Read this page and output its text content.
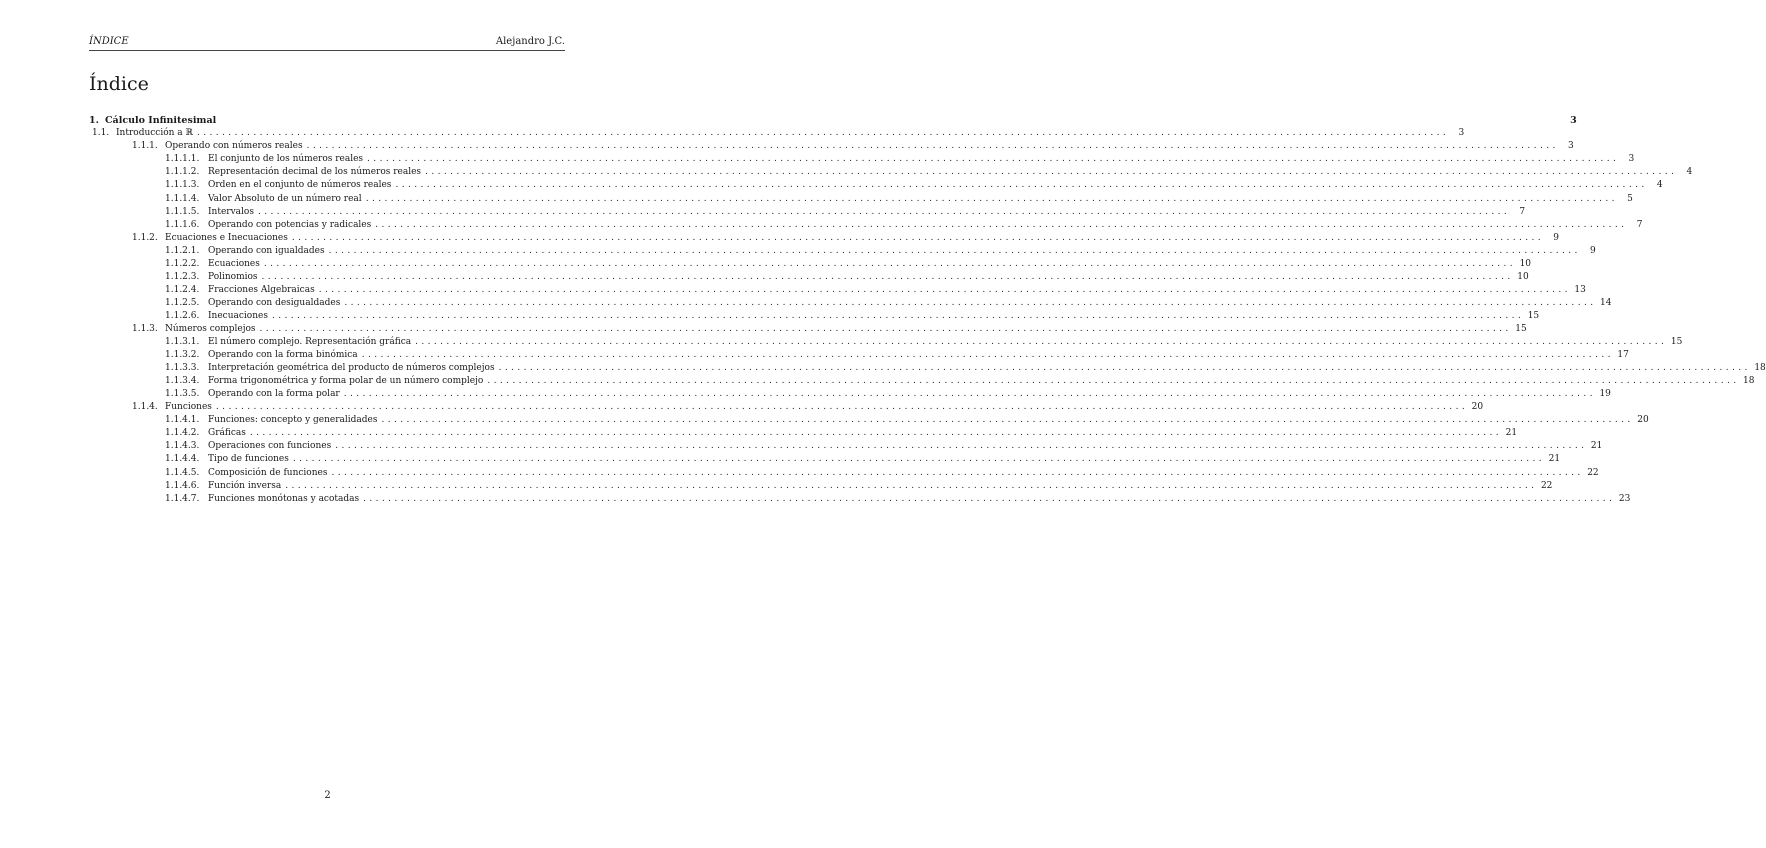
ÍNDICE	Alejandro J.C.
Índice
1. Cálculo Infinitesimal	3
1.1. Introducción a ℝ ........................................................................................................................................................................................................	3
1.1.1. Operando con números reales ........................................................................................................................................................................................................	3
1.1.1.1. El conjunto de los números reales ........................................................................................................................................................................................................	3
1.1.1.2. Representación decimal de los números reales ........................................................................................................................................................................................................	4
1.1.1.3. Orden en el conjunto de números reales ........................................................................................................................................................................................................	4
1.1.1.4. Valor Absoluto de un número real ........................................................................................................................................................................................................	5
1.1.1.5. Intervalos ........................................................................................................................................................................................................	7
1.1.1.6. Operando con potencias y radicales ........................................................................................................................................................................................................	7
1.1.2. Ecuaciones e Inecuaciones ........................................................................................................................................................................................................	9
1.1.2.1. Operando con igualdades ........................................................................................................................................................................................................	9
1.1.2.2. Ecuaciones ........................................................................................................................................................................................................ 10
1.1.2.3. Polinomios ........................................................................................................................................................................................................ 10
1.1.2.4. Fracciones Algebraicas ........................................................................................................................................................................................................ 13
1.1.2.5. Operando con desigualdades ........................................................................................................................................................................................................ 14
1.1.2.6. Inecuaciones ........................................................................................................................................................................................................ 15
1.1.3. Números complejos ........................................................................................................................................................................................................ 15
1.1.3.1. El número complejo. Representación gráfica ........................................................................................................................................................................................................ 15
1.1.3.2. Operando con la forma binómica ........................................................................................................................................................................................................ 17
1.1.3.3. Interpretación geométrica del producto de números complejos ........................................................................................................................................................................................................ 18
1.1.3.4. Forma trigonométrica y forma polar de un número complejo ........................................................................................................................................................................................................ 18
1.1.3.5. Operando con la forma polar ........................................................................................................................................................................................................ 19
1.1.4. Funciones ........................................................................................................................................................................................................ 20
1.1.4.1. Funciones: concepto y generalidades ........................................................................................................................................................................................................ 20
1.1.4.2. Gráficas ........................................................................................................................................................................................................ 21
1.1.4.3. Operaciones con funciones ........................................................................................................................................................................................................ 21
1.1.4.4. Tipo de funciones ........................................................................................................................................................................................................ 21
1.1.4.5. Composición de funciones ........................................................................................................................................................................................................ 22
1.1.4.6. Función inversa ........................................................................................................................................................................................................ 22
1.1.4.7. Funciones monótonas y acotadas ........................................................................................................................................................................................................ 23
2
